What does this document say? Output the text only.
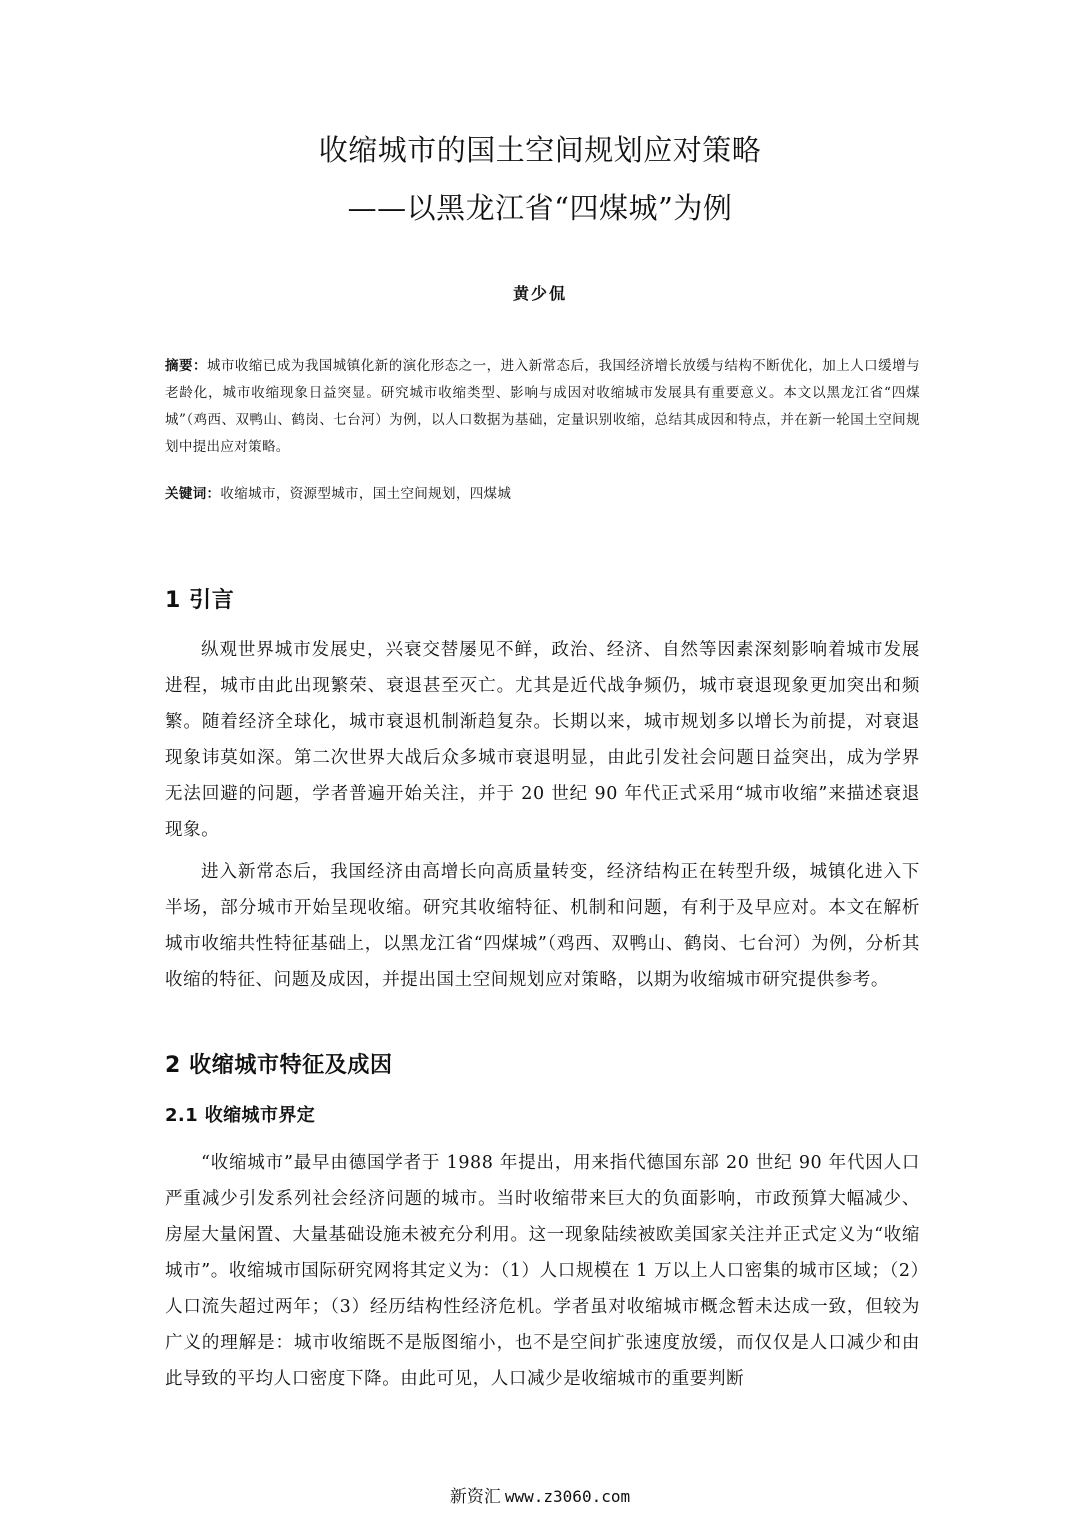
收缩城市的国土空间规划应对策略
——以黑龙江省“四煤城”为例
黄少侃
摘要：城市收缩已成为我国城镇化新的演化形态之一，进入新常态后，我国经济增长放缓与结构不断优化，加上人口缓增与老龄化，城市收缩现象日益突显。研究城市收缩类型、影响与成因对收缩城市发展具有重要意义。本文以黑龙江省“四煤城”（鸡西、双鸭山、鹤岗、七台河）为例，以人口数据为基础，定量识别收缩，总结其成因和特点，并在新一轮国土空间规划中提出应对策略。
关键词：收缩城市，资源型城市，国土空间规划，四煤城
1 引言
纵观世界城市发展史，兴衰交替屡见不鲜，政治、经济、自然等因素深刻影响着城市发展进程，城市由此出现繁荣、衰退甚至灭亡。尤其是近代战争频仍，城市衰退现象更加突出和频繁。随着经济全球化，城市衰退机制渐趋复杂。长期以来，城市规划多以增长为前提，对衰退现象讳莫如深。第二次世界大战后众多城市衰退明显，由此引发社会问题日益突出，成为学界无法回避的问题，学者普遍开始关注，并于 20 世纪 90 年代正式采用“城市收缩”来描述衰退现象。
进入新常态后，我国经济由高增长向高质量转变，经济结构正在转型升级，城镇化进入下半场，部分城市开始呈现收缩。研究其收缩特征、机制和问题，有利于及早应对。本文在解析城市收缩共性特征基础上，以黑龙江省“四煤城”（鸡西、双鸭山、鹤岗、七台河）为例，分析其收缩的特征、问题及成因，并提出国土空间规划应对策略，以期为收缩城市研究提供参考。
2 收缩城市特征及成因
2.1 收缩城市界定
“收缩城市”最早由德国学者于 1988 年提出，用来指代德国东部 20 世纪 90 年代因人口严重减少引发系列社会经济问题的城市。当时收缩带来巨大的负面影响，市政预算大幅减少、房屋大量闲置、大量基础设施未被充分利用。这一现象陆续被欧美国家关注并正式定义为“收缩城市”。收缩城市国际研究网将其定义为：（1）人口规模在 1 万以上人口密集的城市区域；（2）人口流失超过两年；（3）经历结构性经济危机。学者虽对收缩城市概念暂未达成一致，但较为广义的理解是：城市收缩既不是版图缩小，也不是空间扩张速度放缓，而仅仅是人口减少和由此导致的平均人口密度下降。由此可见，人口减少是收缩城市的重要判断
新资汇 www.z3060.com
